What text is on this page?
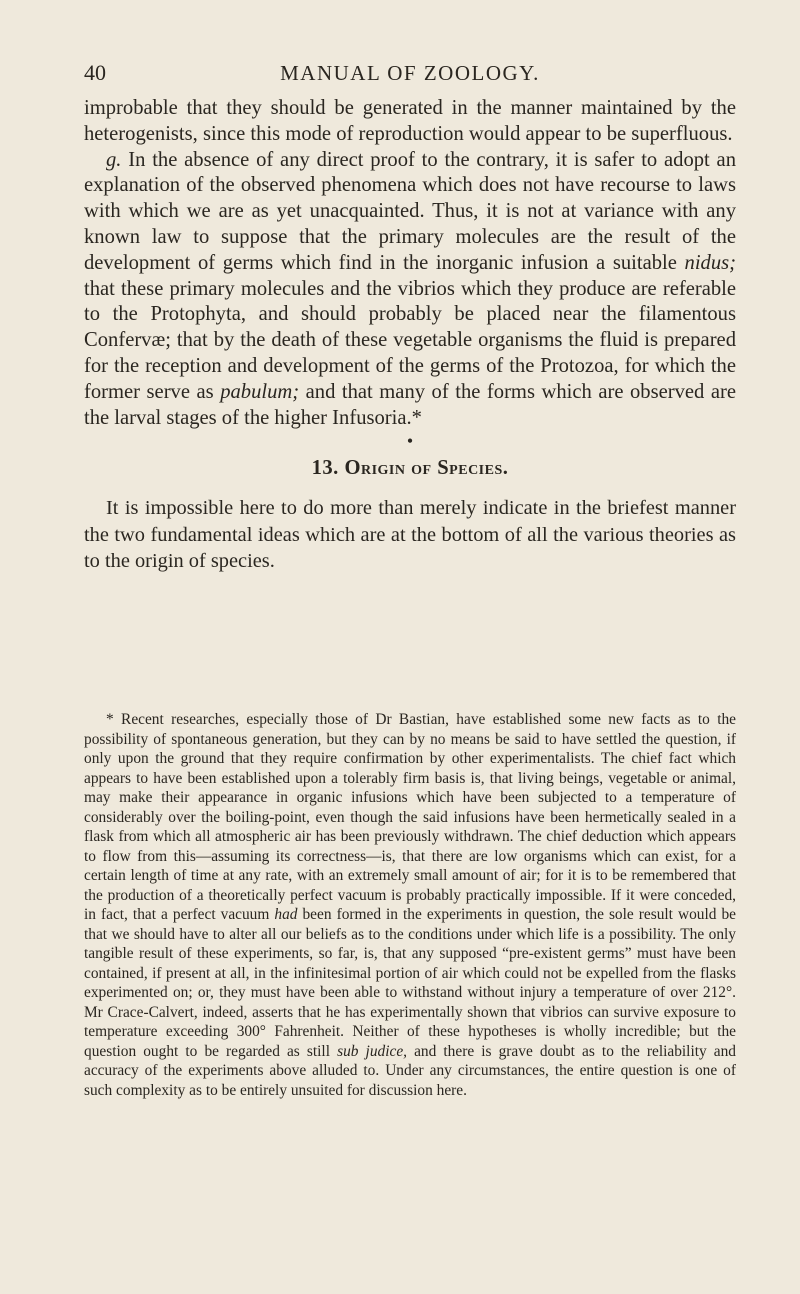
40	MANUAL OF ZOOLOGY.

improbable that they should be generated in the manner maintained by the heterogenists, since this mode of reproduction would appear to be superfluous.

g. In the absence of any direct proof to the contrary, it is safer to adopt an explanation of the observed phenomena which does not have recourse to laws with which we are as yet unacquainted. Thus, it is not at variance with any known law to suppose that the primary molecules are the result of the development of germs which find in the inorganic infusion a suitable nidus; that these primary molecules and the vibrios which they produce are referable to the Protophyta, and should probably be placed near the filamentous Confervæ; that by the death of these vegetable organisms the fluid is prepared for the reception and development of the germs of the Protozoa, for which the former serve as pabulum; and that many of the forms which are observed are the larval stages of the higher Infusoria.*

•
13. Origin of Species.

It is impossible here to do more than merely indicate in the briefest manner the two fundamental ideas which are at the bottom of all the various theories as to the origin of species.

* Recent researches, especially those of Dr Bastian, have established some new facts as to the possibility of spontaneous generation, but they can by no means be said to have settled the question, if only upon the ground that they require confirmation by other experimentalists. The chief fact which appears to have been established upon a tolerably firm basis is, that living beings, vegetable or animal, may make their appearance in organic infusions which have been subjected to a temperature of considerably over the boiling-point, even though the said infusions have been hermetically sealed in a flask from which all atmospheric air has been previously withdrawn. The chief deduction which appears to flow from this—assuming its correctness—is, that there are low organisms which can exist, for a certain length of time at any rate, with an extremely small amount of air; for it is to be remembered that the production of a theoretically perfect vacuum is probably practically impossible. If it were conceded, in fact, that a perfect vacuum had been formed in the experiments in question, the sole result would be that we should have to alter all our beliefs as to the conditions under which life is a possibility. The only tangible result of these experiments, so far, is, that any supposed “pre-existent germs” must have been contained, if present at all, in the infinitesimal portion of air which could not be expelled from the flasks experimented on; or, they must have been able to withstand without injury a temperature of over 212°. Mr Crace-Calvert, indeed, asserts that he has experimentally shown that vibrios can survive exposure to temperature exceeding 300° Fahrenheit. Neither of these hypotheses is wholly incredible; but the question ought to be regarded as still sub judice, and there is grave doubt as to the reliability and accuracy of the experiments above alluded to. Under any circumstances, the entire question is one of such complexity as to be entirely unsuited for discussion here.
